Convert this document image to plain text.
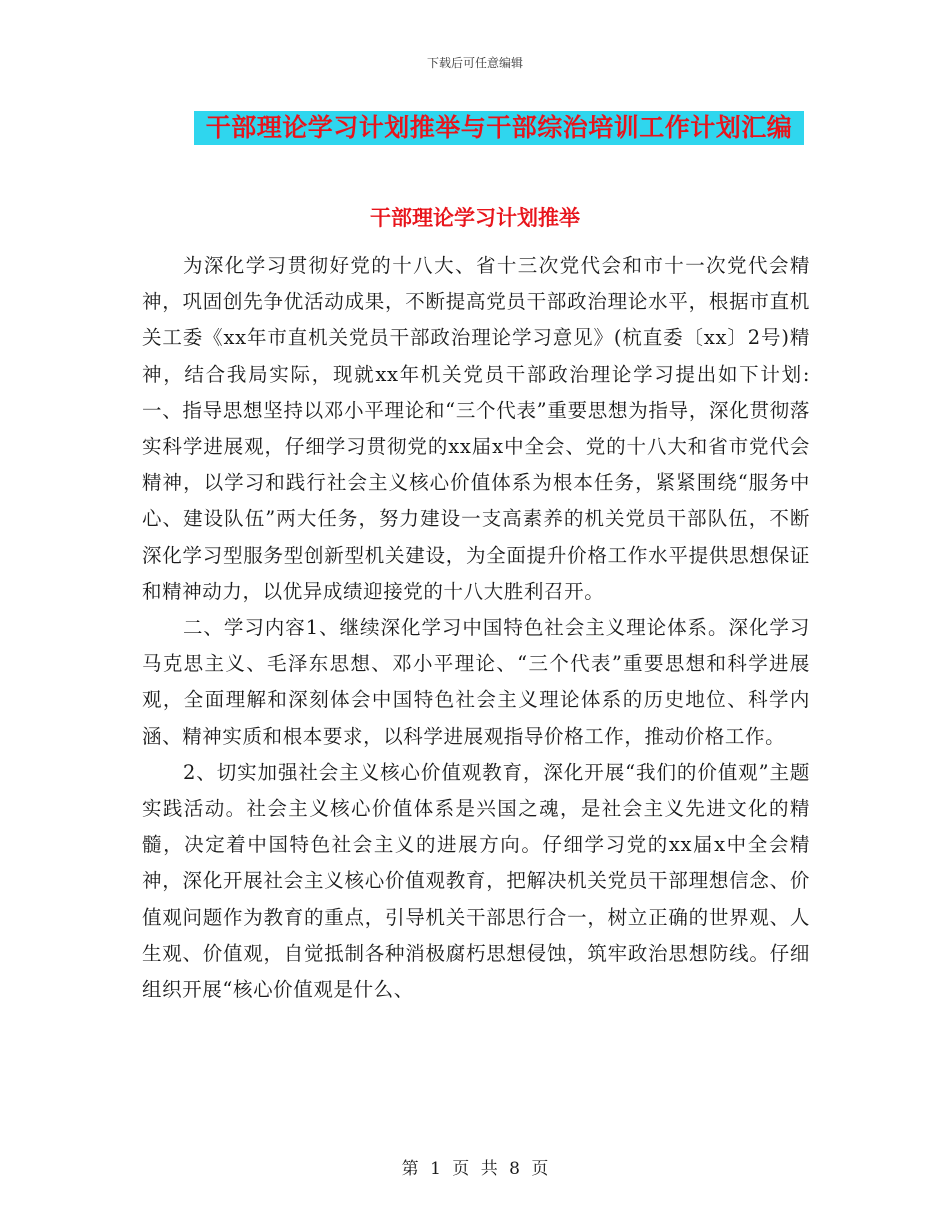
下载后可任意编辑
干部理论学习计划推举与干部综治培训工作计划汇编
干部理论学习计划推举

为深化学习贯彻好党的十八大、省十三次党代会和市十一次党代会精神，巩固创先争优活动成果，不断提高党员干部政治理论水平，根据市直机关工委《xx年市直机关党员干部政治理论学习意见》(杭直委〔xx〕2号)精神，结合我局实际，现就xx年机关党员干部政治理论学习提出如下计划:一、指导思想坚持以邓小平理论和“三个代表”重要思想为指导，深化贯彻落实科学进展观，仔细学习贯彻党的xx届x中全会、党的十八大和省市党代会精神，以学习和践行社会主义核心价值体系为根本任务，紧紧围绕“服务中心、建设队伍”两大任务，努力建设一支高素养的机关党员干部队伍，不断深化学习型服务型创新型机关建设，为全面提升价格工作水平提供思想保证和精神动力，以优异成绩迎接党的十八大胜利召开。

二、学习内容1、继续深化学习中国特色社会主义理论体系。深化学习马克思主义、毛泽东思想、邓小平理论、“三个代表”重要思想和科学进展观，全面理解和深刻体会中国特色社会主义理论体系的历史地位、科学内涵、精神实质和根本要求，以科学进展观指导价格工作，推动价格工作。

2、切实加强社会主义核心价值观教育，深化开展“我们的价值观”主题实践活动。社会主义核心价值体系是兴国之魂，是社会主义先进文化的精髓，决定着中国特色社会主义的进展方向。仔细学习党的xx届x中全会精神，深化开展社会主义核心价值观教育，把解决机关党员干部理想信念、价值观问题作为教育的重点，引导机关干部思行合一，树立正确的世界观、人生观、价值观，自觉抵制各种消极腐朽思想侵蚀，筑牢政治思想防线。仔细组织开展“核心价值观是什么、

第 1 页 共 8 页
